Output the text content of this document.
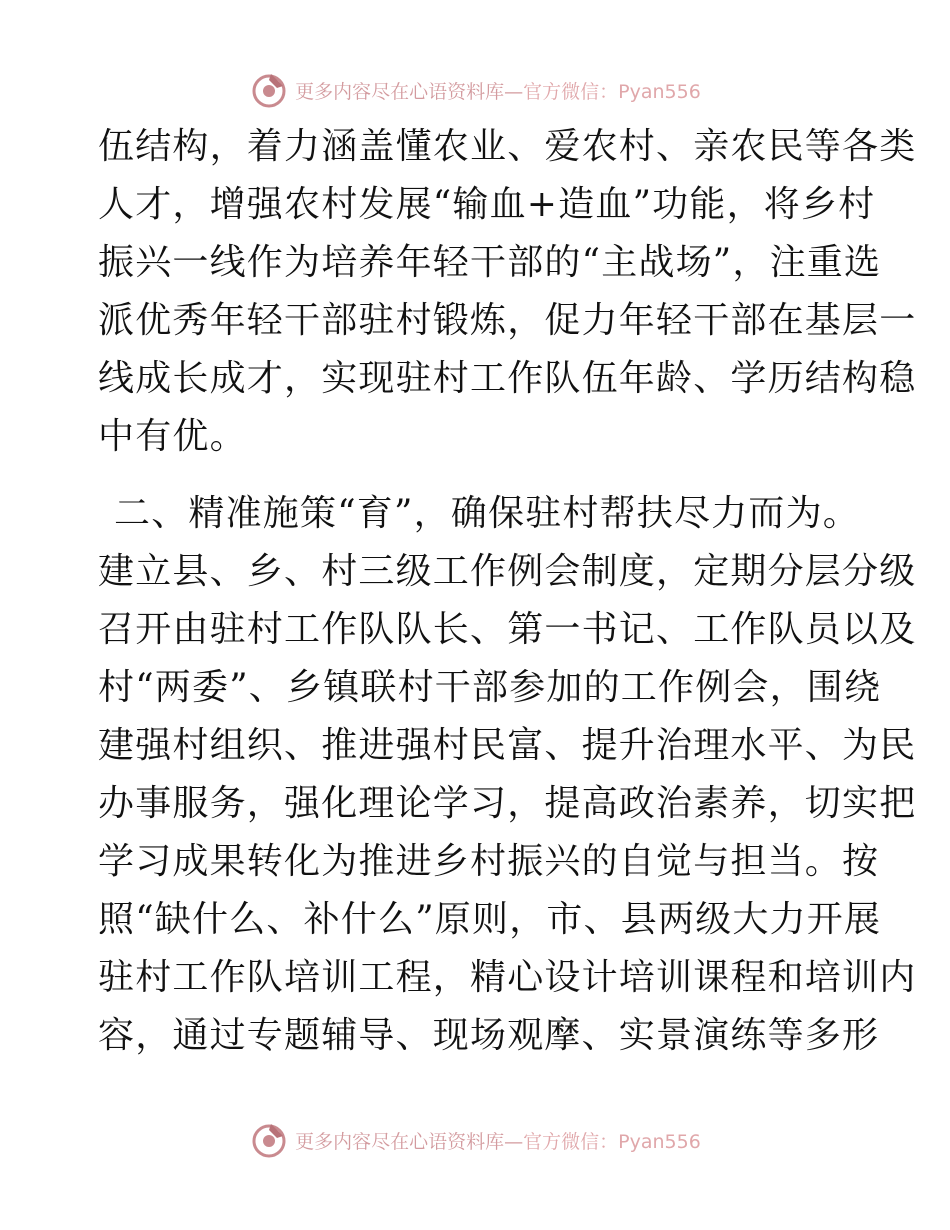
更多内容尽在心语资料库— 官方微信：Pyan556
伍结构，着力涵盖懂农业、爱农村、亲农民等各类
人才，增强农村发展“输血+造血”功能，将乡村
振兴一线作为培养年轻干部的“主战场”，注重选
派优秀年轻干部驻村锻炼，促力年轻干部在基层一
线成长成才，实现驻村工作队伍年龄、学历结构稳
中有优。
二、精准施策“育”，确保驻村帮扶尽力而为。
建立县、乡、村三级工作例会制度，定期分层分级
召开由驻村工作队队长、第一书记、工作队员以及
村“两委”、乡镇联村干部参加的工作例会，围绕
建强村组织、推进强村民富、提升治理水平、为民
办事服务，强化理论学习，提高政治素养，切实把
学习成果转化为推进乡村振兴的自觉与担当。按
照“缺什么、补什么”原则，市、县两级大力开展
驻村工作队培训工程，精心设计培训课程和培训内
容，通过专题辅导、现场观摩、实景演练等多形
更多内容尽在心语资料库— 官方微信：Pyan556
